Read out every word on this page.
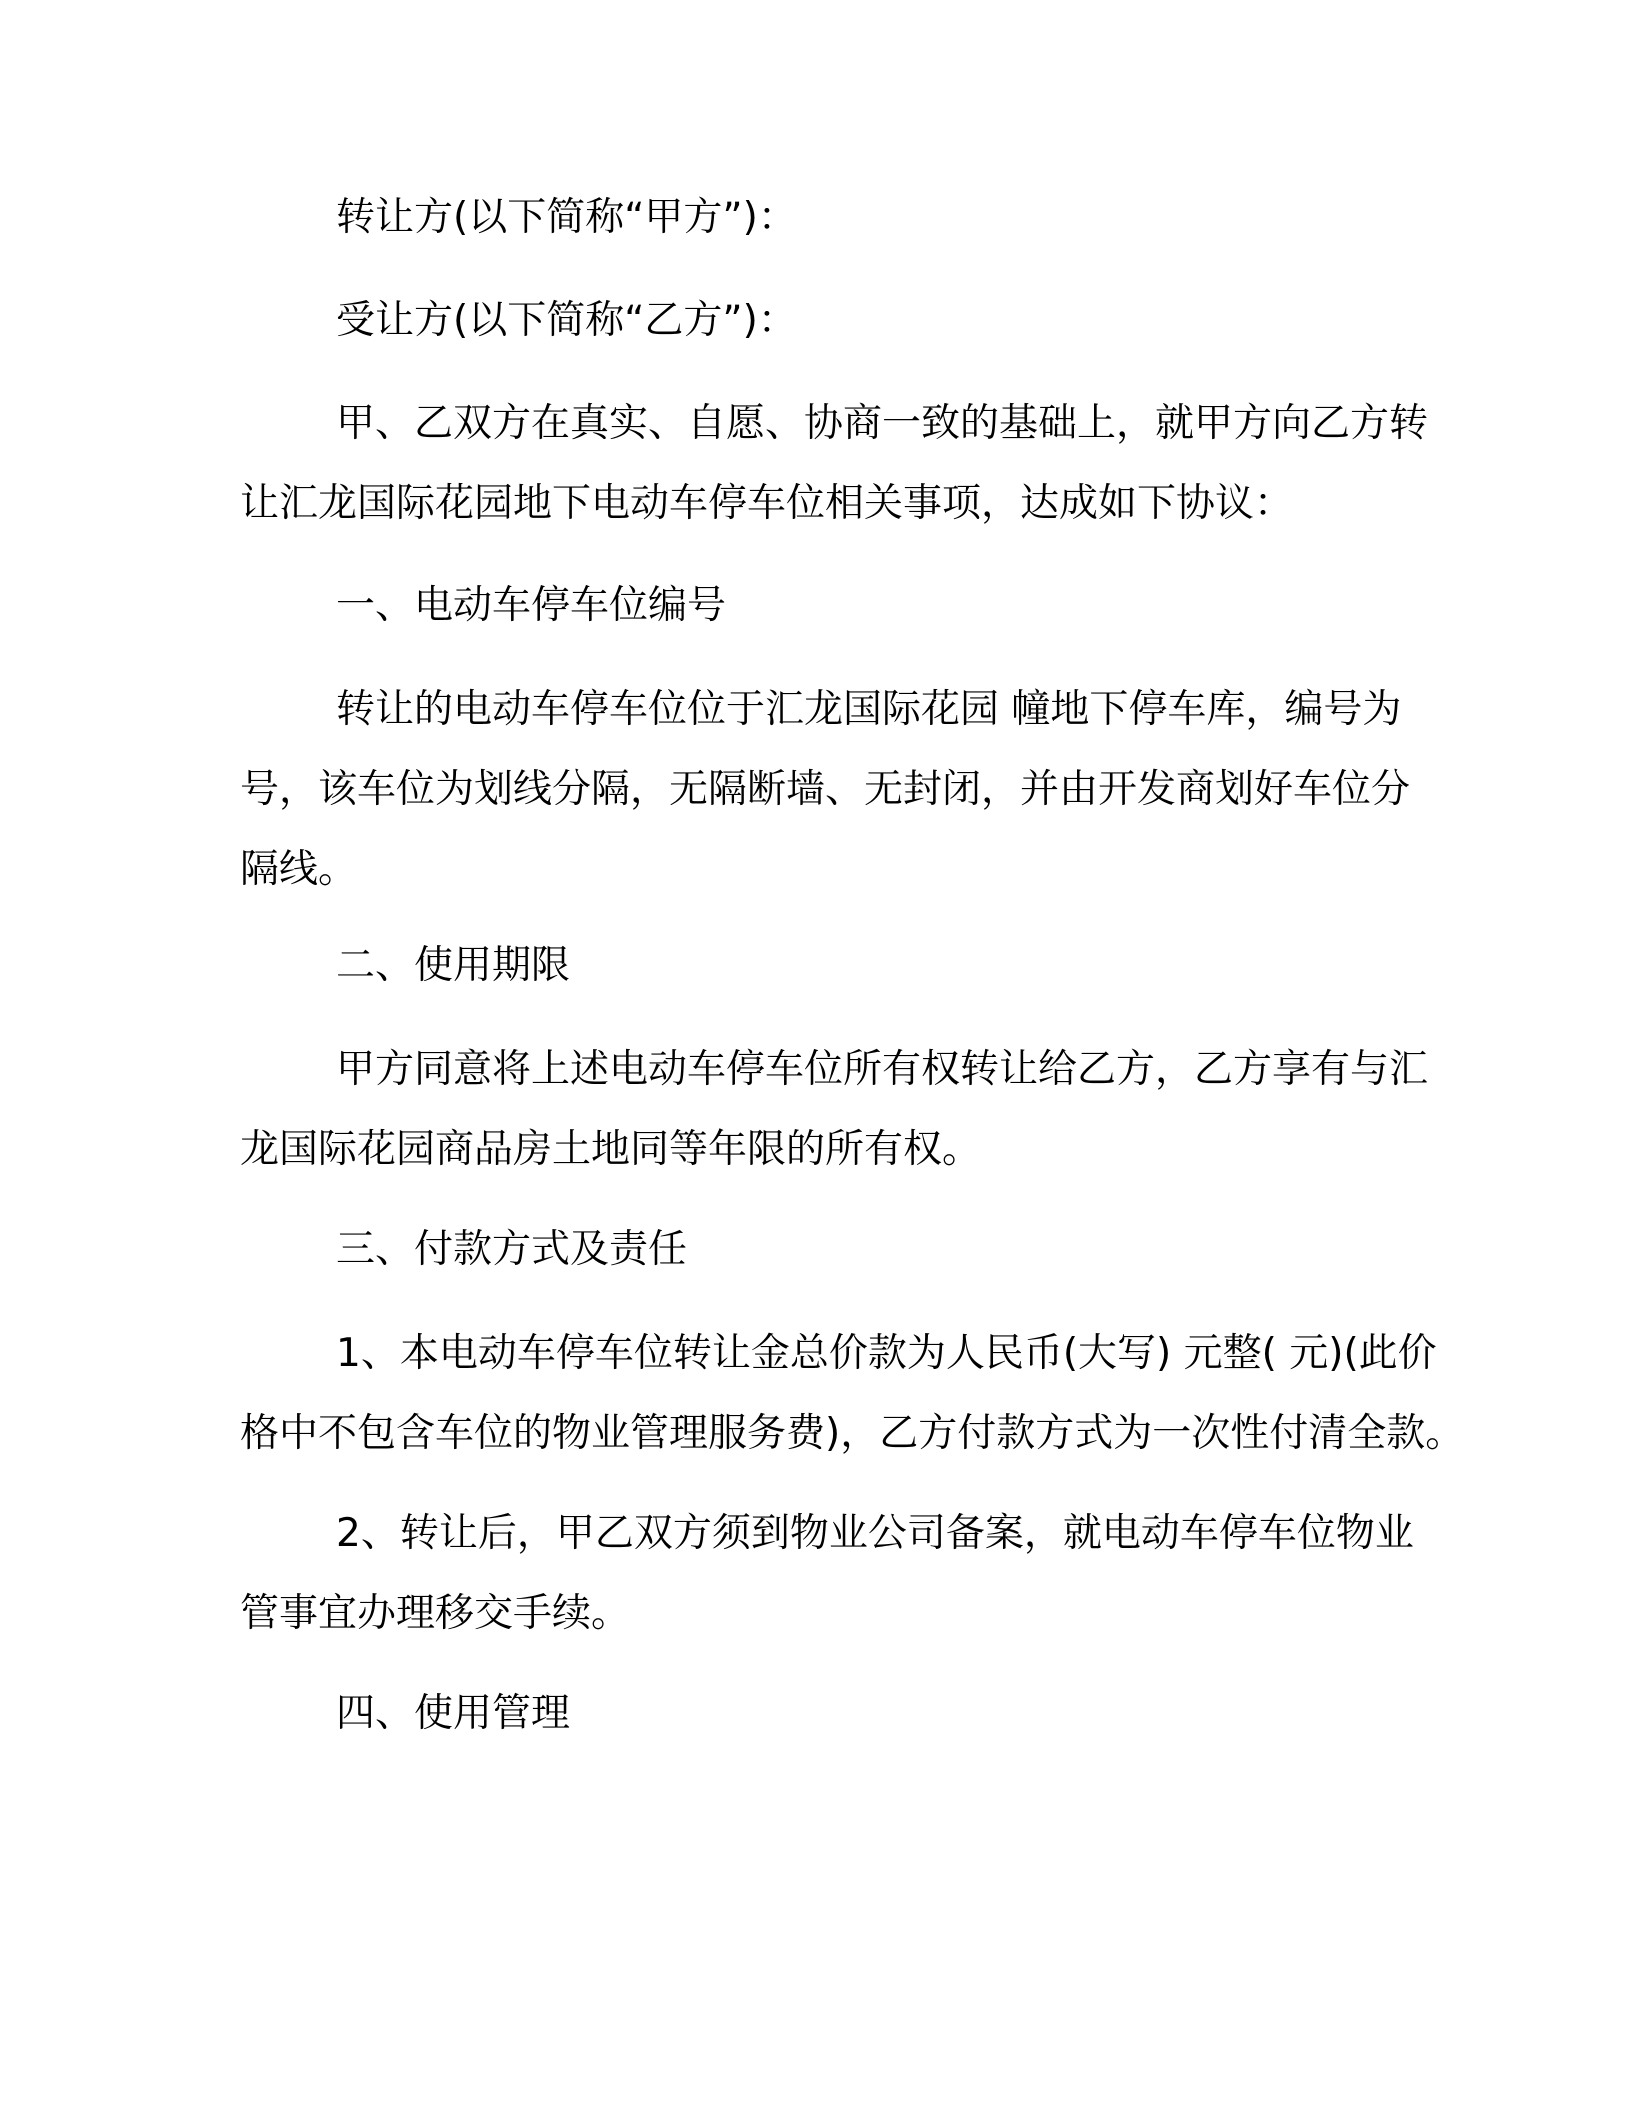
转让方(以下简称“甲方”)：
受让方(以下简称“乙方”)：
甲、乙双方在真实、自愿、协商一致的基础上，就甲方向乙方转
让汇龙国际花园地下电动车停车位相关事项，达成如下协议：
一、电动车停车位编号
转让的电动车停车位位于汇龙国际花园 幢地下停车库，编号为
号，该车位为划线分隔，无隔断墙、无封闭，并由开发商划好车位分
隔线。
二、使用期限
甲方同意将上述电动车停车位所有权转让给乙方，乙方享有与汇
龙国际花园商品房土地同等年限的所有权。
三、付款方式及责任
1、本电动车停车位转让金总价款为人民币(大写) 元整( 元)(此价
格中不包含车位的物业管理服务费)，乙方付款方式为一次性付清全款。
2、转让后，甲乙双方须到物业公司备案，就电动车停车位物业
管事宜办理移交手续。
四、使用管理
